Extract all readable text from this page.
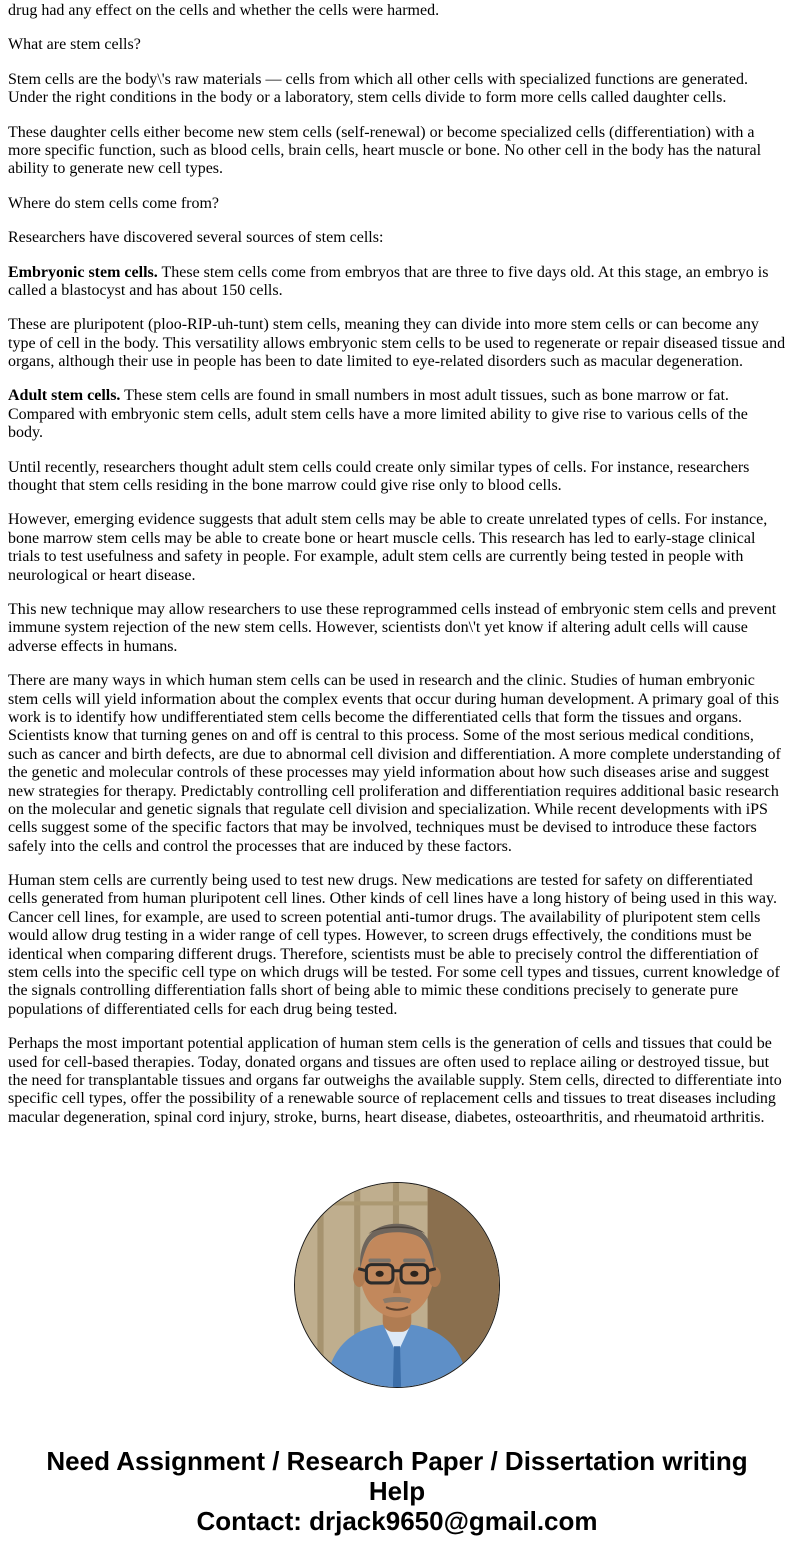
drug had any effect on the cells and whether the cells were harmed.

What are stem cells?

Stem cells are the body\'s raw materials — cells from which all other cells with specialized functions are generated. Under the right conditions in the body or a laboratory, stem cells divide to form more cells called daughter cells.

These daughter cells either become new stem cells (self-renewal) or become specialized cells (differentiation) with a more specific function, such as blood cells, brain cells, heart muscle or bone. No other cell in the body has the natural ability to generate new cell types.

Where do stem cells come from?

Researchers have discovered several sources of stem cells:

Embryonic stem cells. These stem cells come from embryos that are three to five days old. At this stage, an embryo is called a blastocyst and has about 150 cells.

These are pluripotent (ploo-RIP-uh-tunt) stem cells, meaning they can divide into more stem cells or can become any type of cell in the body. This versatility allows embryonic stem cells to be used to regenerate or repair diseased tissue and organs, although their use in people has been to date limited to eye-related disorders such as macular degeneration.

Adult stem cells. These stem cells are found in small numbers in most adult tissues, such as bone marrow or fat. Compared with embryonic stem cells, adult stem cells have a more limited ability to give rise to various cells of the body.

Until recently, researchers thought adult stem cells could create only similar types of cells. For instance, researchers thought that stem cells residing in the bone marrow could give rise only to blood cells.

However, emerging evidence suggests that adult stem cells may be able to create unrelated types of cells. For instance, bone marrow stem cells may be able to create bone or heart muscle cells. This research has led to early-stage clinical trials to test usefulness and safety in people. For example, adult stem cells are currently being tested in people with neurological or heart disease.

This new technique may allow researchers to use these reprogrammed cells instead of embryonic stem cells and prevent immune system rejection of the new stem cells. However, scientists don\'t yet know if altering adult cells will cause adverse effects in humans.

There are many ways in which human stem cells can be used in research and the clinic. Studies of human embryonic stem cells will yield information about the complex events that occur during human development. A primary goal of this work is to identify how undifferentiated stem cells become the differentiated cells that form the tissues and organs. Scientists know that turning genes on and off is central to this process. Some of the most serious medical conditions, such as cancer and birth defects, are due to abnormal cell division and differentiation. A more complete understanding of the genetic and molecular controls of these processes may yield information about how such diseases arise and suggest new strategies for therapy. Predictably controlling cell proliferation and differentiation requires additional basic research on the molecular and genetic signals that regulate cell division and specialization. While recent developments with iPS cells suggest some of the specific factors that may be involved, techniques must be devised to introduce these factors safely into the cells and control the processes that are induced by these factors.

Human stem cells are currently being used to test new drugs. New medications are tested for safety on differentiated cells generated from human pluripotent cell lines. Other kinds of cell lines have a long history of being used in this way. Cancer cell lines, for example, are used to screen potential anti-tumor drugs. The availability of pluripotent stem cells would allow drug testing in a wider range of cell types. However, to screen drugs effectively, the conditions must be identical when comparing different drugs. Therefore, scientists must be able to precisely control the differentiation of stem cells into the specific cell type on which drugs will be tested. For some cell types and tissues, current knowledge of the signals controlling differentiation falls short of being able to mimic these conditions precisely to generate pure populations of differentiated cells for each drug being tested.

Perhaps the most important potential application of human stem cells is the generation of cells and tissues that could be used for cell-based therapies. Today, donated organs and tissues are often used to replace ailing or destroyed tissue, but the need for transplantable tissues and organs far outweighs the available supply. Stem cells, directed to differentiate into specific cell types, offer the possibility of a renewable source of replacement cells and tissues to treat diseases including macular degeneration, spinal cord injury, stroke, burns, heart disease, diabetes, osteoarthritis, and rheumatoid arthritis.

Need Assignment / Research Paper / Dissertation writing Help
Contact: drjack9650@gmail.com
